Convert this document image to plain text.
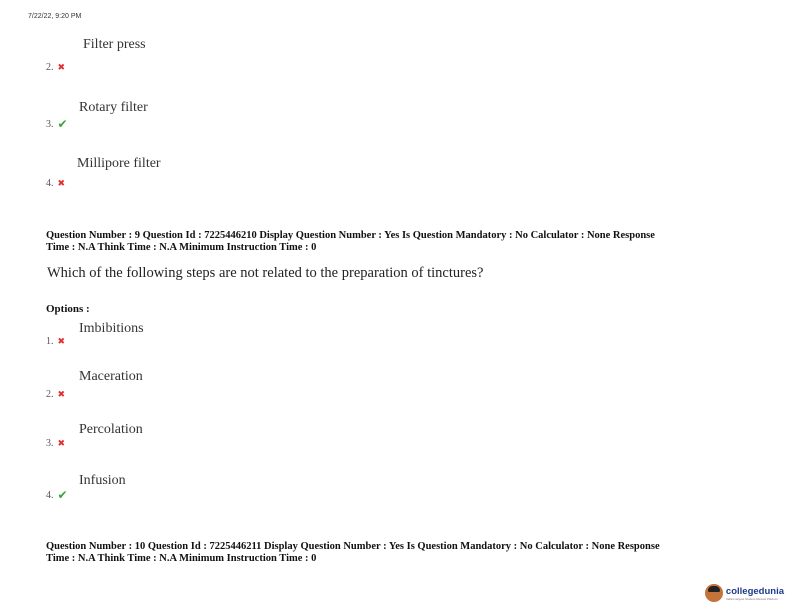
7/22/22, 9:20 PM
Filter press
2. ✖
Rotary filter
3. ✔
Millipore filter
4. ✖
Question Number : 9 Question Id : 7225446210 Display Question Number : Yes Is Question Mandatory : No Calculator : None Response
Time : N.A Think Time : N.A Minimum Instruction Time : 0
Which of the following steps are not related to the preparation of tinctures?
Options :
Imbibitions
1. ✖
Maceration
2. ✖
Percolation
3. ✖
Infusion
4. ✔
Question Number : 10 Question Id : 7225446211 Display Question Number : Yes Is Question Mandatory : No Calculator : None Response
Time : N.A Think Time : N.A Minimum Instruction Time : 0
collegedunia
India's largest Student Review Platform
